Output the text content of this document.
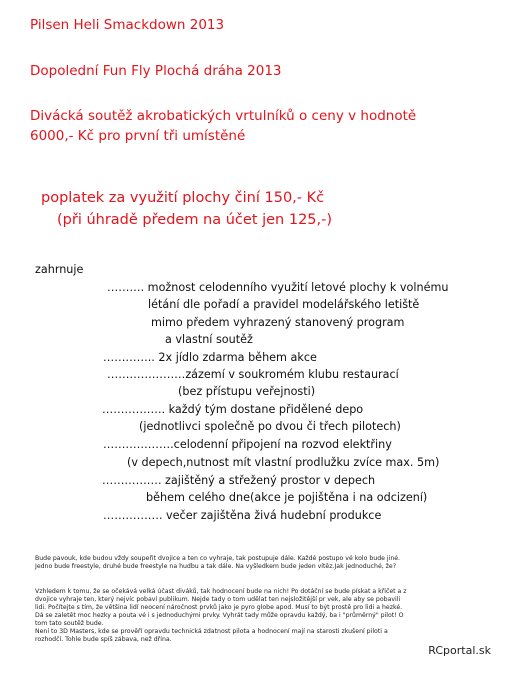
Pilsen Heli Smackdown 2013
Dopolední Fun Fly Plochá dráha 2013
Divácká soutěž akrobatických vrtulníků o ceny v hodnotě
6000,- Kč pro první tři umístěné
poplatek za využití plochy činí 150,- Kč
(při úhradě předem na účet jen 125,-)
zahrnuje
………. možnost celodenního využití letové plochy k volnému
létání dle pořadí a pravidel modelářského letiště
mimo předem vyhrazený stanovený program
a vlastní soutěž
………….. 2x jídlo zdarma během akce
…………………zázemí v soukromém klubu restaurací
(bez přístupu veřejnosti)
…………….. každý tým dostane přidělené depo
(jednotlivci společně po dvou či třech pilotech)
……………….celodenní připojení na rozvod elektřiny
(v depech,nutnost mít vlastní prodlužku zvíce max. 5m)
……………. zajištěný a střežený prostor v depech
během celého dne(akce je pojištěna i na odcizení)
……………. večer zajištěna živá hudební produkce
Bude pavouk, kde budou vždy soupeřit dvojice a ten co vyhraje, tak postupuje dále. Každé postupo vé kolo bude jiné.
Jedno bude freestyle, druhé bude freestyle na hudbu a tak dále. Na vyšledkem bude jeden vítěz.Jak jednoduché, že?
Vzhledem k tomu, že se očekává velká účast diváků, tak hodnocení bude na nich! Po dotáční se bude pískat a křičet a z
dvojice vyhraje ten, který nejvíc pobaví publikum. Nejde tady o tom udělat ten nejsložitější pr vek, ale aby se pobavili
lidi. Počítejte s tím, že většina lidí neocení náročnost prvků jako je pyro globe apod. Musí to být prostě pro lidi a hezké.
Dá se zaletět moc hezky a pouta vé i s jednoduchými prvky. Vyhrát tady může opravdu každý, ba i "průměrný" pilot! O
tom tato soutěž bude.
Není to 3D Masters, kde se prověří opravdu technická zdatnost pilota a hodnocení mají na starosti zkušení piloti a
rozhodčí. Tohle bude spíš zábava, než dřina.
RCportal.sk
